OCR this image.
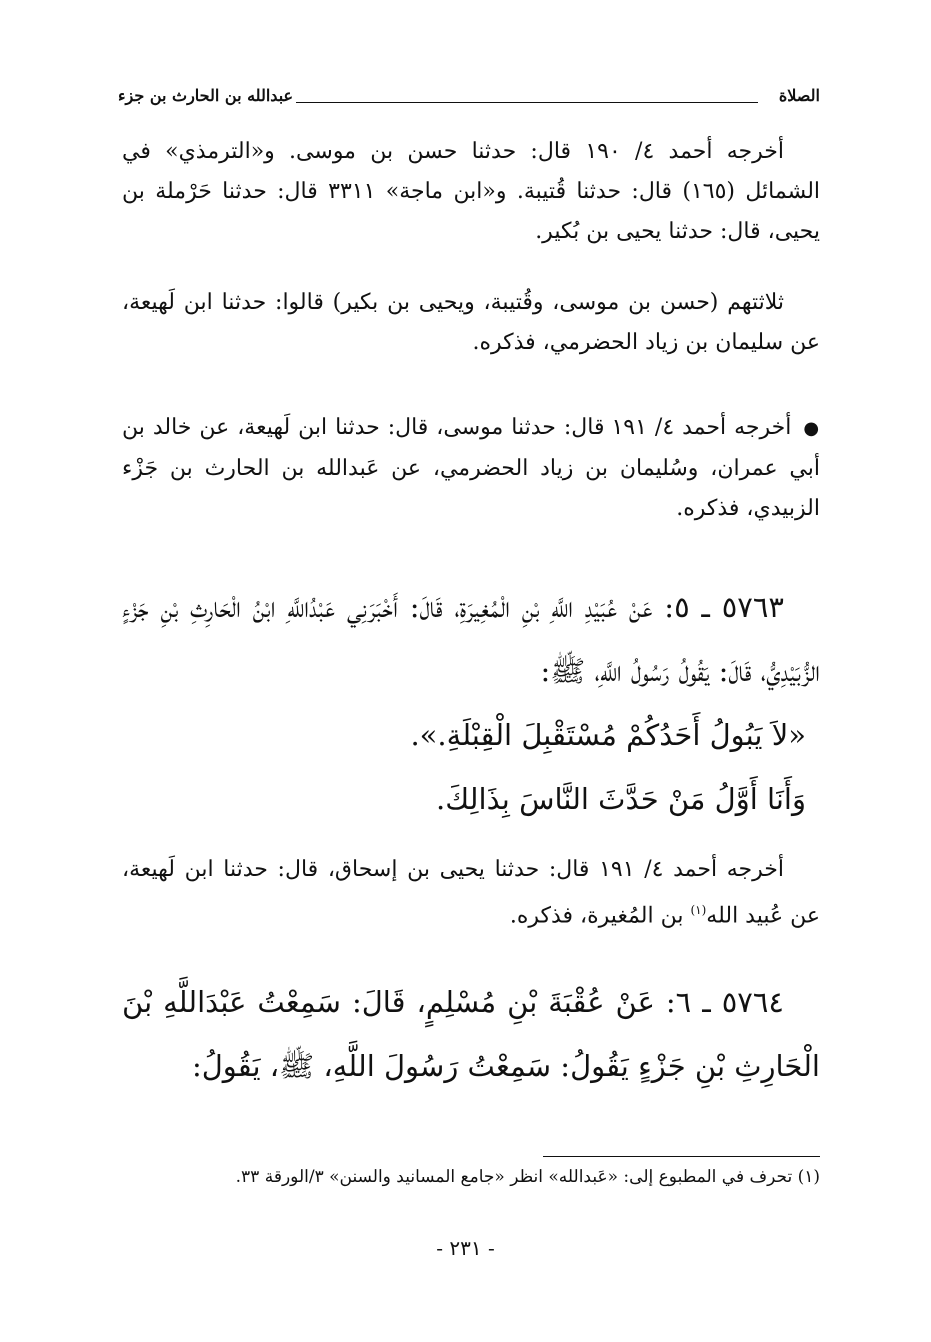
الصلاة
عبدالله بن الحارث بن جزء

أخرجه أحمد ٤/ ١٩٠ قال: حدثنا حسن بن موسى. و«الترمذي» في الشمائل (١٦٥) قال: حدثنا قُتيبة. و«ابن ماجة» ٣٣١١ قال: حدثنا حَرْملة بن يحيى، قال: حدثنا يحيى بن بُكير.

ثلاثتهم (حسن بن موسى، وقُتيبة، ويحيى بن بكير) قالوا: حدثنا ابن لَهيعة، عن سليمان بن زياد الحضرمي، فذكره.

● أخرجه أحمد ٤/ ١٩١ قال: حدثنا موسى، قال: حدثنا ابن لَهيعة، عن خالد بن أبي عمران، وسُليمان بن زياد الحضرمي، عن عَبدالله بن الحارث بن جَزْء الزبيدي، فذكره.

٥٧٦٣ ـ ٥: عَنْ عُبَيْدِ اللَّهِ بْنِ الْمُغِيرَةِ، قَالَ: أَخْبَرَنِي عَبْدُاللَّهِ ابْنُ الْحَارِثِ بْنِ جَزْءٍ الزُّبَيْدِيُّ، قَالَ: يَقُولُ رَسُولُ اللَّهِ، ﷺ:
«لاَ يَبُولُ أَحَدُكُمْ مُسْتَقْبِلَ الْقِبْلَةِ.».
وَأَنَا أَوَّلُ مَنْ حَدَّثَ النَّاسَ بِذَالِكَ.

أخرجه أحمد ٤/ ١٩١ قال: حدثنا يحيى بن إسحاق، قال: حدثنا ابن لَهيعة، عن عُبيد الله$^{(١)}$ بن المُغيرة، فذكره.

٥٧٦٤ ـ ٦: عَنْ عُقْبَةَ بْنِ مُسْلِمٍ، قَالَ: سَمِعْتُ عَبْدَاللَّهِ بْنَ الْحَارِثِ بْنِ جَزْءٍ يَقُولُ: سَمِعْتُ رَسُولَ اللَّهِ، ﷺ، يَقُولُ:
(١) تحرف في المطبوع إلى: «عَبدالله» انظر «جامع المسانيد والسنن» ٣/الورقة ٣٣.
- ٢٣١ -
